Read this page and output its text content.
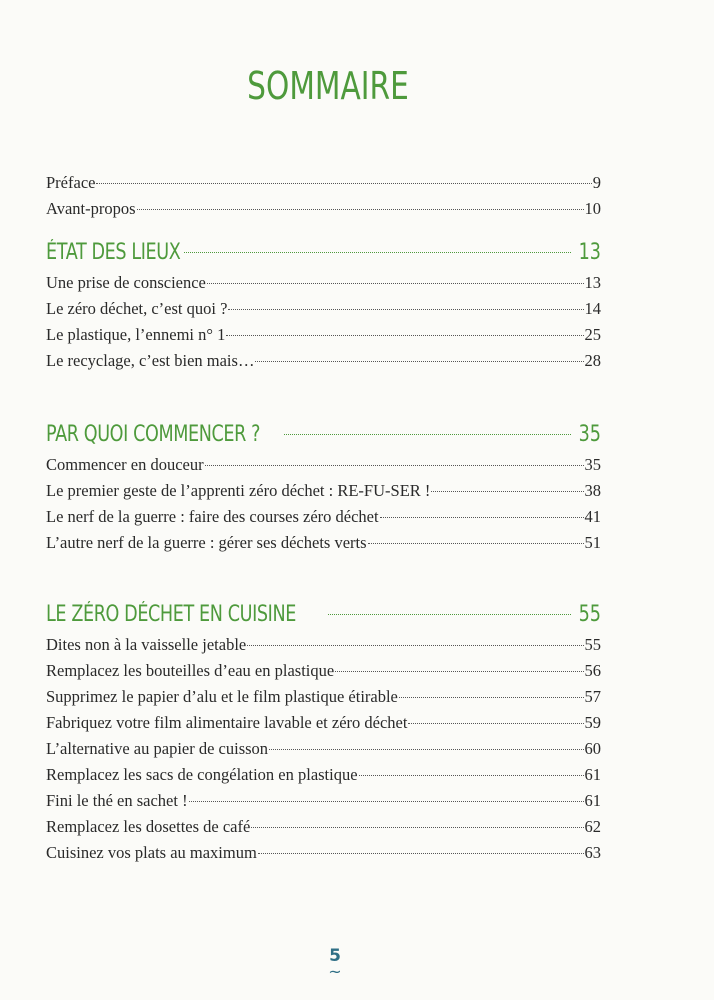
SOMMAIRE
Préface	9
Avant-propos	10
ÉTAT DES LIEUX	13
Une prise de conscience	13
Le zéro déchet, c’est quoi ?	14
Le plastique, l’ennemi n° 1	25
Le recyclage, c’est bien mais…	28
PAR QUOI COMMENCER ?	35
Commencer en douceur	35
Le premier geste de l’apprenti zéro déchet : RE-FU-SER !	38
Le nerf de la guerre : faire des courses zéro déchet	41
L’autre nerf de la guerre : gérer ses déchets verts	51
LE ZÉRO DÉCHET EN CUISINE	55
Dites non à la vaisselle jetable	55
Remplacez les bouteilles d’eau en plastique	56
Supprimez le papier d’alu et le film plastique étirable	57
Fabriquez votre film alimentaire lavable et zéro déchet	59
L’alternative au papier de cuisson	60
Remplacez les sacs de congélation en plastique	61
Fini le thé en sachet !	61
Remplacez les dosettes de café	62
Cuisinez vos plats au maximum	63
5
~
